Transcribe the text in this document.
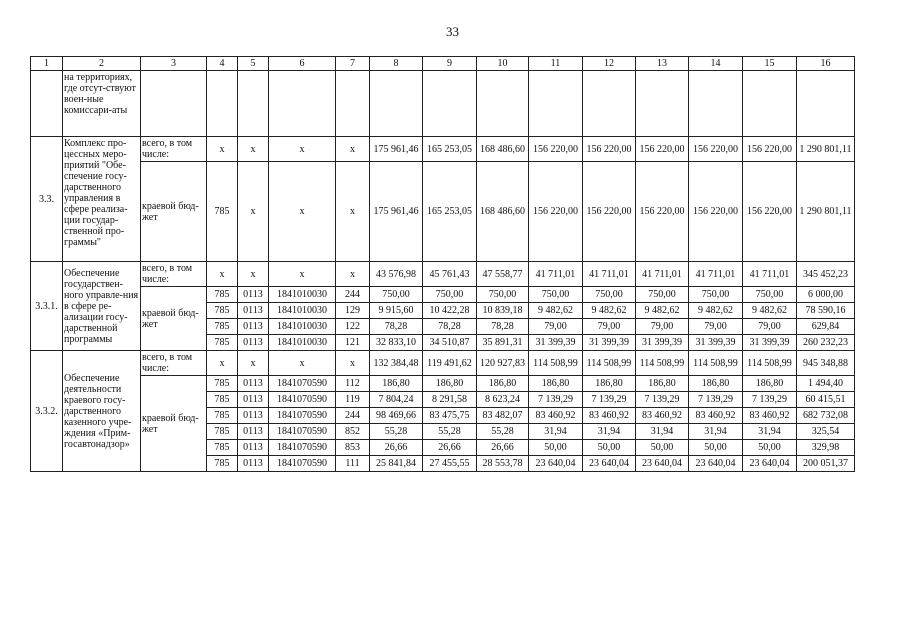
33
1	2	3	4	5	6	7	8	9	10	11	12	13	14	15	16
	на территориях, где отсут-ствуют воен-ные комиссари-аты														
3.3.	Комплекс про-цессных меро-приятий "Обе-спечение госу-дарственного управления в сфере реализа-ции государ-ственной про-граммы"	всего, в том числе:	x	x	x	x	175 961,46	165 253,05	168 486,60	156 220,00	156 220,00	156 220,00	156 220,00	156 220,00	1 290 801,11
		краевой бюд-жет	785	x	x	x	175 961,46	165 253,05	168 486,60	156 220,00	156 220,00	156 220,00	156 220,00	156 220,00	1 290 801,11
3.3.1.	Обеспечение государствен-ного управле-ния в сфере ре-ализации госу-дарственной программы	всего, в том числе:	x	x	x	x	43 576,98	45 761,43	47 558,77	41 711,01	41 711,01	41 711,01	41 711,01	41 711,01	345 452,23
		краевой бюд-жет	785	0113	1841010030	244	750,00	750,00	750,00	750,00	750,00	750,00	750,00	750,00	6 000,00
			785	0113	1841010030	129	9 915,60	10 422,28	10 839,18	9 482,62	9 482,62	9 482,62	9 482,62	9 482,62	78 590,16
			785	0113	1841010030	122	78,28	78,28	78,28	79,00	79,00	79,00	79,00	79,00	629,84
			785	0113	1841010030	121	32 833,10	34 510,87	35 891,31	31 399,39	31 399,39	31 399,39	31 399,39	31 399,39	260 232,23
3.3.2.	Обеспечение деятельности краевого госу-дарственного казенного учре-ждения «Прим-госавтонадзор»	всего, в том числе:	x	x	x	x	132 384,48	119 491,62	120 927,83	114 508,99	114 508,99	114 508,99	114 508,99	114 508,99	945 348,88
		краевой бюд-жет	785	0113	1841070590	112	186,80	186,80	186,80	186,80	186,80	186,80	186,80	186,80	1 494,40
			785	0113	1841070590	119	7 804,24	8 291,58	8 623,24	7 139,29	7 139,29	7 139,29	7 139,29	7 139,29	60 415,51
			785	0113	1841070590	244	98 469,66	83 475,75	83 482,07	83 460,92	83 460,92	83 460,92	83 460,92	83 460,92	682 732,08
			785	0113	1841070590	852	55,28	55,28	55,28	31,94	31,94	31,94	31,94	31,94	325,54
			785	0113	1841070590	853	26,66	26,66	26,66	50,00	50,00	50,00	50,00	50,00	329,98
			785	0113	1841070590	111	25 841,84	27 455,55	28 553,78	23 640,04	23 640,04	23 640,04	23 640,04	23 640,04	200 051,37
